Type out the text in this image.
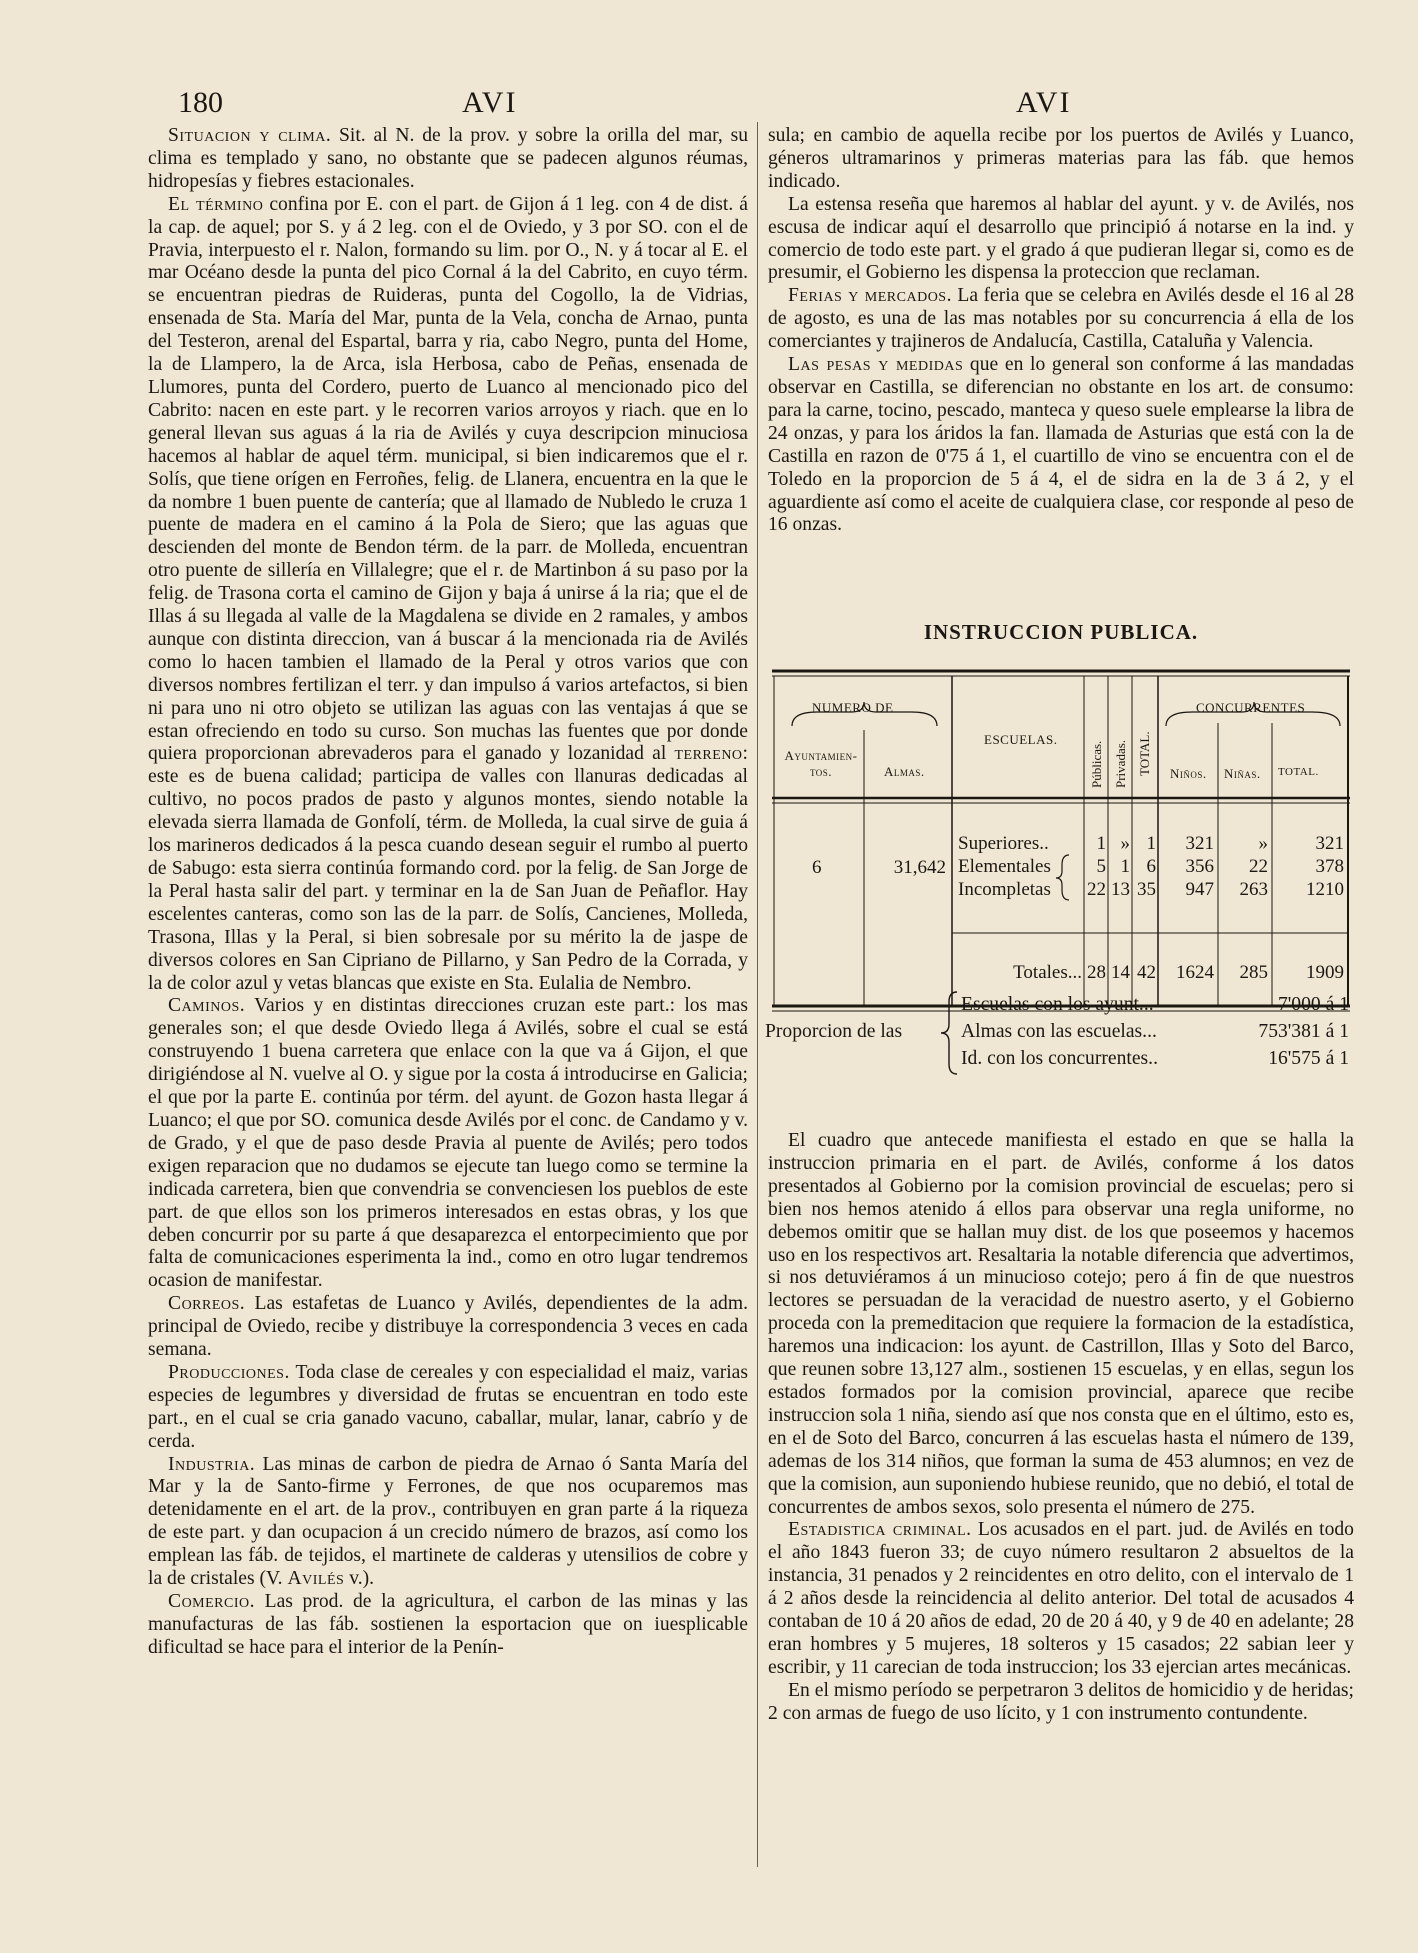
180	AVI	AVI

Situacion y clima. Sit. al N. de la prov. y sobre la orilla del mar, su clima es templado y sano, no obstante que se padecen algunos réumas, hidropesías y fiebres estacionales.

El término confina por E. con el part. de Gijon á 1 leg. con 4 de dist. á la cap. de aquel; por S. y á 2 leg. con el de Oviedo, y 3 por SO. con el de Pravia, interpuesto el r. Nalon, formando su lim. por O., N. y á tocar al E. el mar Océano desde la punta del pico Cornal á la del Cabrito, en cuyo térm. se encuentran piedras de Ruideras, punta del Cogollo, la de Vidrias, ensenada de Sta. María del Mar, punta de la Vela, concha de Arnao, punta del Testeron, arenal del Espartal, barra y ria, cabo Negro, punta del Home, la de Llampero, la de Arca, isla Herbosa, cabo de Peñas, ensenada de Llumores, punta del Cordero, puerto de Luanco al mencionado pico del Cabrito: nacen en este part. y le recorren varios arroyos y riach. que en lo general llevan sus aguas á la ria de Avilés y cuya descripcion minuciosa hacemos al hablar de aquel térm. municipal, si bien indicaremos que el r. Solís, que tiene orígen en Ferroñes, felig. de Llanera, encuentra en la que le da nombre 1 buen puente de cantería; que al llamado de Nubledo le cruza 1 puente de madera en el camino á la Pola de Siero; que las aguas que descienden del monte de Bendon térm. de la parr. de Molleda, encuentran otro puente de sillería en Villalegre; que el r. de Martinbon á su paso por la felig. de Trasona corta el camino de Gijon y baja á unirse á la ria; que el de Illas á su llegada al valle de la Magdalena se divide en 2 ramales, y ambos aunque con distinta direccion, van á buscar á la mencionada ria de Avilés como lo hacen tambien el llamado de la Peral y otros varios que con diversos nombres fertilizan el terr. y dan impulso á varios artefactos, si bien ni para uno ni otro objeto se utilizan las aguas con las ventajas á que se estan ofreciendo en todo su curso. Son muchas las fuentes que por donde quiera proporcionan abrevaderos para el ganado y lozanidad al terreno: este es de buena calidad; participa de valles con llanuras dedicadas al cultivo, no pocos prados de pasto y algunos montes, siendo notable la elevada sierra llamada de Gonfolí, térm. de Molleda, la cual sirve de guia á los marineros dedicados á la pesca cuando desean seguir el rumbo al puerto de Sabugo: esta sierra continúa formando cord. por la felig. de San Jorge de la Peral hasta salir del part. y terminar en la de San Juan de Peñaflor. Hay escelentes canteras, como son las de la parr. de Solís, Cancienes, Molleda, Trasona, Illas y la Peral, si bien sobresale por su mérito la de jaspe de diversos colores en San Cipriano de Pillarno, y San Pedro de la Corrada, y la de color azul y vetas blancas que existe en Sta. Eulalia de Nembro.

Caminos. Varios y en distintas direcciones cruzan este part.: los mas generales son; el que desde Oviedo llega á Avilés, sobre el cual se está construyendo 1 buena carretera que enlace con la que va á Gijon, el que dirigiéndose al N. vuelve al O. y sigue por la costa á introducirse en Galicia; el que por la parte E. continúa por térm. del ayunt. de Gozon hasta llegar á Luanco; el que por SO. comunica desde Avilés por el conc. de Candamo y v. de Grado, y el que de paso desde Pravia al puente de Avilés; pero todos exigen reparacion que no dudamos se ejecute tan luego como se termine la indicada carretera, bien que convendria se convenciesen los pueblos de este part. de que ellos son los primeros interesados en estas obras, y los que deben concurrir por su parte á que desaparezca el entorpecimiento que por falta de comunicaciones esperimenta la ind., como en otro lugar tendremos ocasion de manifestar.

Correos. Las estafetas de Luanco y Avilés, dependientes de la adm. principal de Oviedo, recibe y distribuye la correspondencia 3 veces en cada semana.

Producciones. Toda clase de cereales y con especialidad el maiz, varias especies de legumbres y diversidad de frutas se encuentran en todo este part., en el cual se cria ganado vacuno, caballar, mular, lanar, cabrío y de cerda.

Industria. Las minas de carbon de piedra de Arnao ó Santa María del Mar y la de Santo-firme y Ferrones, de que nos ocuparemos mas detenidamente en el art. de la prov., contribuyen en gran parte á la riqueza de este part. y dan ocupacion á un crecido número de brazos, así como los emplean las fáb. de tejidos, el martinete de calderas y utensilios de cobre y la de cristales (V. Avilés v.).

Comercio. Las prod. de la agricultura, el carbon de las minas y las manufacturas de las fáb. sostienen la esportacion que on iuesplicable dificultad se hace para el interior de la Penín-

sula; en cambio de aquella recibe por los puertos de Avilés y Luanco, géneros ultramarinos y primeras materias para las fáb. que hemos indicado.

La estensa reseña que haremos al hablar del ayunt. y v. de Avilés, nos escusa de indicar aquí el desarrollo que principió á notarse en la ind. y comercio de todo este part. y el grado á que pudieran llegar si, como es de presumir, el Gobierno les dispensa la proteccion que reclaman.

Ferias y mercados. La feria que se celebra en Avilés desde el 16 al 28 de agosto, es una de las mas notables por su concurrencia á ella de los comerciantes y trajineros de Andalucía, Castilla, Cataluña y Valencia.

Las pesas y medidas que en lo general son conforme á las mandadas observar en Castilla, se diferencian no obstante en los art. de consumo: para la carne, tocino, pescado, manteca y queso suele emplearse la libra de 24 onzas, y para los áridos la fan. llamada de Asturias que está con la de Castilla en razon de 0'75 á 1, el cuartillo de vino se encuentra con el de Toledo en la proporcion de 5 á 4, el de sidra en la de 3 á 2, y el aguardiente así como el aceite de cualquiera clase, cor responde al peso de 16 onzas.

INSTRUCCION PUBLICA.
NUMERO DE
Ayuntamien-tos.	Almas.
ESCUELAS.
Públicas. Privadas. TOTAL.
CONCURRENTES
Niños. Niñas. TOTAL.
6	31,642
Superiores..	1 » 1	321	»	321
Elementales	5 1 6	356	22	378
Incompletas	22 13 35	947	263	1210
Totales... 28 14 42	1624	285	1909
Proporcion de las
Escuelas con los ayunt...	7'000 á 1
Almas con las escuelas...	753'381 á 1
Id. con los concurrentes..	16'575 á 1

El cuadro que antecede manifiesta el estado en que se halla la instruccion primaria en el part. de Avilés, conforme á los datos presentados al Gobierno por la comision provincial de escuelas; pero si bien nos hemos atenido á ellos para observar una regla uniforme, no debemos omitir que se hallan muy dist. de los que poseemos y hacemos uso en los respectivos art. Resaltaria la notable diferencia que advertimos, si nos detuviéramos á un minucioso cotejo; pero á fin de que nuestros lectores se persuadan de la veracidad de nuestro aserto, y el Gobierno proceda con la premeditacion que requiere la formacion de la estadística, haremos una indicacion: los ayunt. de Castrillon, Illas y Soto del Barco, que reunen sobre 13,127 alm., sostienen 15 escuelas, y en ellas, segun los estados formados por la comision provincial, aparece que recibe instruccion sola 1 niña, siendo así que nos consta que en el último, esto es, en el de Soto del Barco, concurren á las escuelas hasta el número de 139, ademas de los 314 niños, que forman la suma de 453 alumnos; en vez de que la comision, aun suponiendo hubiese reunido, que no debió, el total de concurrentes de ambos sexos, solo presenta el número de 275.

Estadistica criminal. Los acusados en el part. jud. de Avilés en todo el año 1843 fueron 33; de cuyo número resultaron 2 absueltos de la instancia, 31 penados y 2 reincidentes en otro delito, con el intervalo de 1 á 2 años desde la reincidencia al delito anterior. Del total de acusados 4 contaban de 10 á 20 años de edad, 20 de 20 á 40, y 9 de 40 en adelante; 28 eran hombres y 5 mujeres, 18 solteros y 15 casados; 22 sabian leer y escribir, y 11 carecian de toda instruccion; los 33 ejercian artes mecánicas.

En el mismo período se perpetraron 3 delitos de homicidio y de heridas; 2 con armas de fuego de uso lícito, y 1 con instrumento contundente.
